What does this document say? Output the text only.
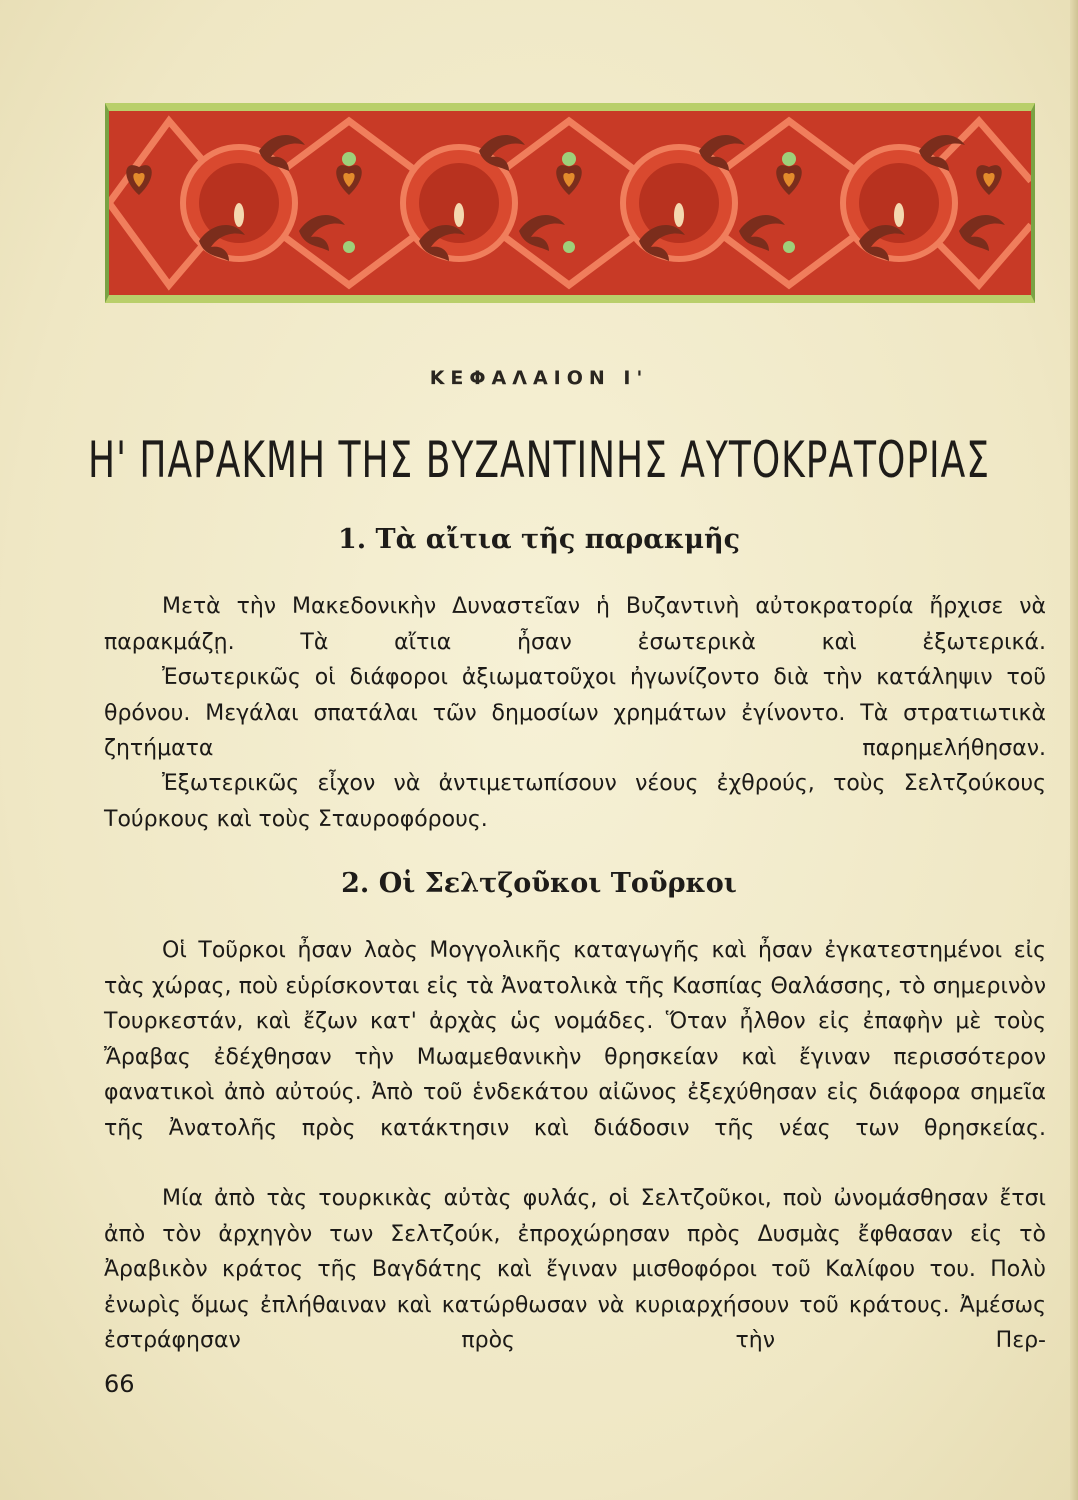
ΚΕΦΑΛΑΙΟΝ Ι'
Η' ΠΑΡΑΚΜΗ ΤΗΣ ΒΥΖΑΝΤΙΝΗΣ ΑΥΤΟΚΡΑΤΟΡΙΑΣ
1. Τὰ αἴτια τῆς παρακμῆς
Μετὰ τὴν Μακεδονικὴν Δυναστεῖαν ἡ Βυζαντινὴ αὐτοκρατορία ἤρχισε νὰ παρακμάζῃ. Τὰ αἴτια ἦσαν ἐσωτερικὰ καὶ ἐξωτερικά.
Ἐσωτερικῶς οἱ διάφοροι ἀξιωματοῦχοι ἠγωνίζοντο διὰ τὴν κατάληψιν τοῦ θρόνου. Μεγάλαι σπατάλαι τῶν δημοσίων χρημάτων ἐγίνοντο. Τὰ στρατιωτικὰ ζητήματα παρημελήθησαν.
Ἐξωτερικῶς εἶχον νὰ ἀντιμετωπίσουν νέους ἐχθρούς, τοὺς Σελτζούκους Τούρκους καὶ τοὺς Σταυροφόρους.
2. Οἱ Σελτζοῦκοι Τοῦρκοι
Οἱ Τοῦρκοι ἦσαν λαὸς Μογγολικῆς καταγωγῆς καὶ ἦσαν ἐγκατεστημένοι εἰς τὰς χώρας, ποὺ εὑρίσκονται εἰς τὰ Ἀνατολικὰ τῆς Κασπίας Θαλάσσης, τὸ σημερινὸν Τουρκεστάν, καὶ ἔζων κατ' ἀρχὰς ὡς νομάδες. Ὅταν ἦλθον εἰς ἐπαφὴν μὲ τοὺς Ἄραβας ἐδέχθησαν τὴν Μωαμεθανικὴν θρησκείαν καὶ ἔγιναν περισσότερον φανατικοὶ ἀπὸ αὐτούς. Ἀπὸ τοῦ ἑνδεκάτου αἰῶνος ἐξεχύθησαν εἰς διάφορα σημεῖα τῆς Ἀνατολῆς πρὸς κατάκτησιν καὶ διάδοσιν τῆς νέας των θρησκείας.
Μία ἀπὸ τὰς τουρκικὰς αὐτὰς φυλάς, οἱ Σελτζοῦκοι, ποὺ ὠνομάσθησαν ἔτσι ἀπὸ τὸν ἀρχηγὸν των Σελτζούκ, ἐπροχώρησαν πρὸς Δυσμὰς ἔφθασαν εἰς τὸ Ἀραβικὸν κράτος τῆς Βαγδάτης καὶ ἔγιναν μισθοφόροι τοῦ Καλίφου του. Πολὺ ἐνωρὶς ὅμως ἐπλήθαιναν καὶ κατώρθωσαν νὰ κυριαρχήσουν τοῦ κράτους. Ἀμέσως ἐστράφησαν πρὸς τὴν Περ-
66
